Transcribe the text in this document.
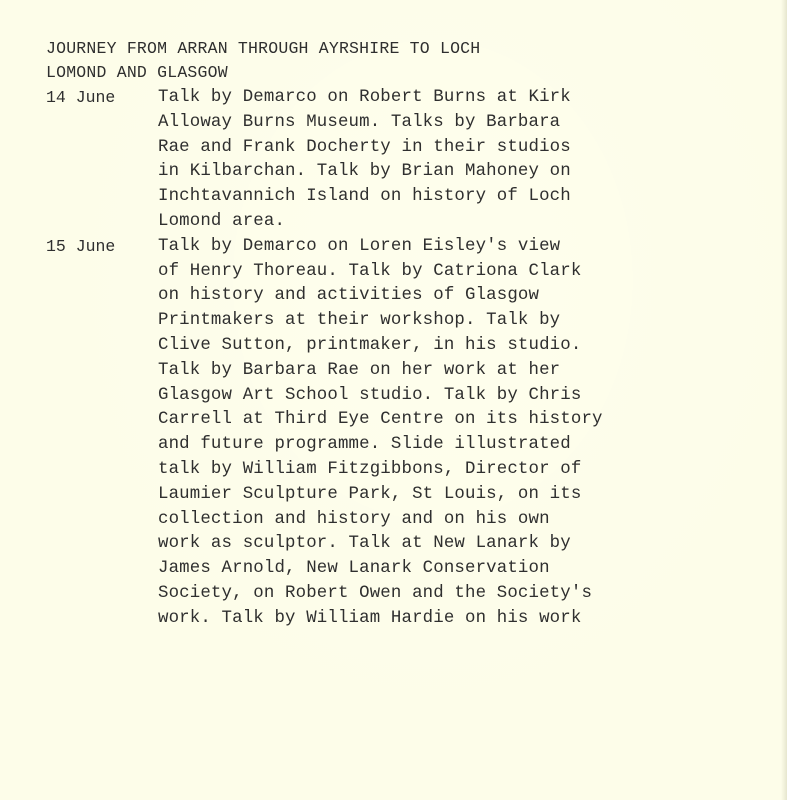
JOURNEY FROM ARRAN THROUGH AYRSHIRE TO LOCH
LOMOND AND GLASGOW
14 June	Talk by Demarco on Robert Burns at Kirk
Alloway Burns Museum. Talks by Barbara
Rae and Frank Docherty in their studios
in Kilbarchan. Talk by Brian Mahoney on
Inchtavannich Island on history of Loch
Lomond area.
15 June	Talk by Demarco on Loren Eisley's view
of Henry Thoreau. Talk by Catriona Clark
on history and activities of Glasgow
Printmakers at their workshop. Talk by
Clive Sutton, printmaker, in his studio.
Talk by Barbara Rae on her work at her
Glasgow Art School studio. Talk by Chris
Carrell at Third Eye Centre on its history
and future programme. Slide illustrated
talk by William Fitzgibbons, Director of
Laumier Sculpture Park, St Louis, on its
collection and history and on his own
work as sculptor. Talk at New Lanark by
James Arnold, New Lanark Conservation
Society, on Robert Owen and the Society's
work. Talk by William Hardie on his work
